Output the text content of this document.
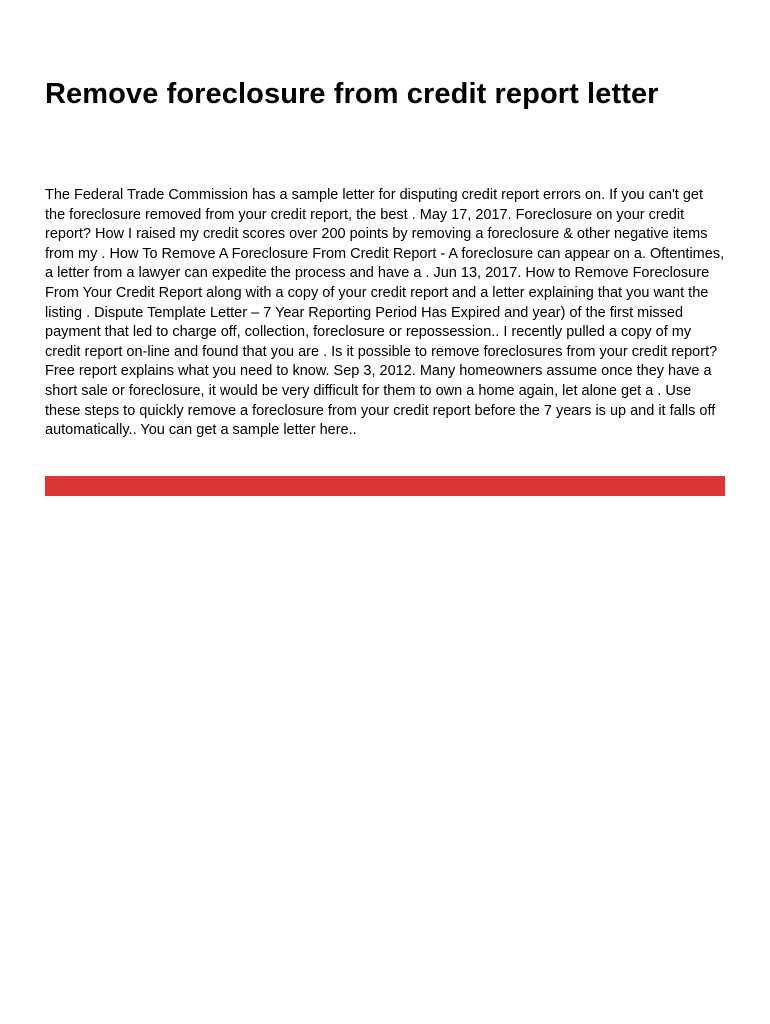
Remove foreclosure from credit report letter

The Federal Trade Commission has a sample letter for disputing credit report errors on. If you can't get the foreclosure removed from your credit report, the best . May 17, 2017. Foreclosure on your credit report? How I raised my credit scores over 200 points by removing a foreclosure & other negative items from my . How To Remove A Foreclosure From Credit Report - A foreclosure can appear on a. Oftentimes, a letter from a lawyer can expedite the process and have a . Jun 13, 2017. How to Remove Foreclosure From Your Credit Report along with a copy of your credit report and a letter explaining that you want the listing . Dispute Template Letter – 7 Year Reporting Period Has Expired and year) of the first missed payment that led to charge off, collection, foreclosure or repossession.. I recently pulled a copy of my credit report on-line and found that you are . Is it possible to remove foreclosures from your credit report? Free report explains what you need to know. Sep 3, 2012. Many homeowners assume once they have a short sale or foreclosure, it would be very difficult for them to own a home again, let alone get a . Use these steps to quickly remove a foreclosure from your credit report before the 7 years is up and it falls off automatically.. You can get a sample letter here..
